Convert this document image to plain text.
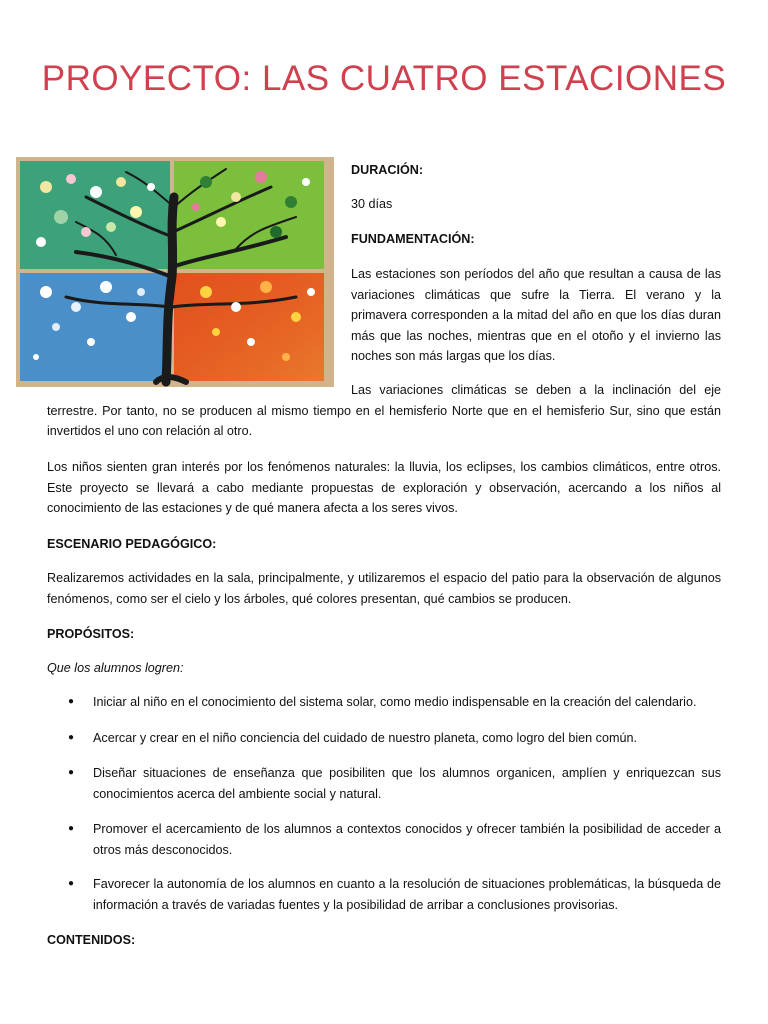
PROYECTO: LAS CUATRO ESTACIONES

DURACIÓN:

30 días

FUNDAMENTACIÓN:

Las estaciones son períodos del año que resultan a causa de las variaciones climáticas que sufre la Tierra. El verano y la primavera corresponden a la mitad del año en que los días duran más que las noches, mientras que en el otoño y el invierno las noches son más largas que los días.

Las variaciones climáticas se deben a la inclinación del eje terrestre. Por tanto, no se producen al mismo tiempo en el hemisferio Norte que en el hemisferio Sur, sino que están invertidos el uno con relación al otro.

Los niños sienten gran interés por los fenómenos naturales: la lluvia, los eclipses, los cambios climáticos, entre otros. Este proyecto se llevará a cabo mediante propuestas de exploración y observación, acercando a los niños al conocimiento de las estaciones y de qué manera afecta a los seres vivos.

ESCENARIO PEDAGÓGICO:

Realizaremos actividades en la sala, principalmente, y utilizaremos el espacio del patio para la observación de algunos fenómenos, como ser el cielo y los árboles, qué colores presentan, qué cambios se producen.

PROPÓSITOS:

Que los alumnos logren:

● Iniciar al niño en el conocimiento del sistema solar, como medio indispensable en la creación del calendario.

● Acercar y crear en el niño conciencia del cuidado de nuestro planeta, como logro del bien común.

● Diseñar situaciones de enseñanza que posibiliten que los alumnos organicen, amplíen y enriquezcan sus conocimientos acerca del ambiente social y natural.

● Promover el acercamiento de los alumnos a contextos conocidos y ofrecer también la posibilidad de acceder a otros más desconocidos.

● Favorecer la autonomía de los alumnos en cuanto a la resolución de situaciones problemáticas, la búsqueda de información a través de variadas fuentes y la posibilidad de arribar a conclusiones provisorias.

CONTENIDOS:
